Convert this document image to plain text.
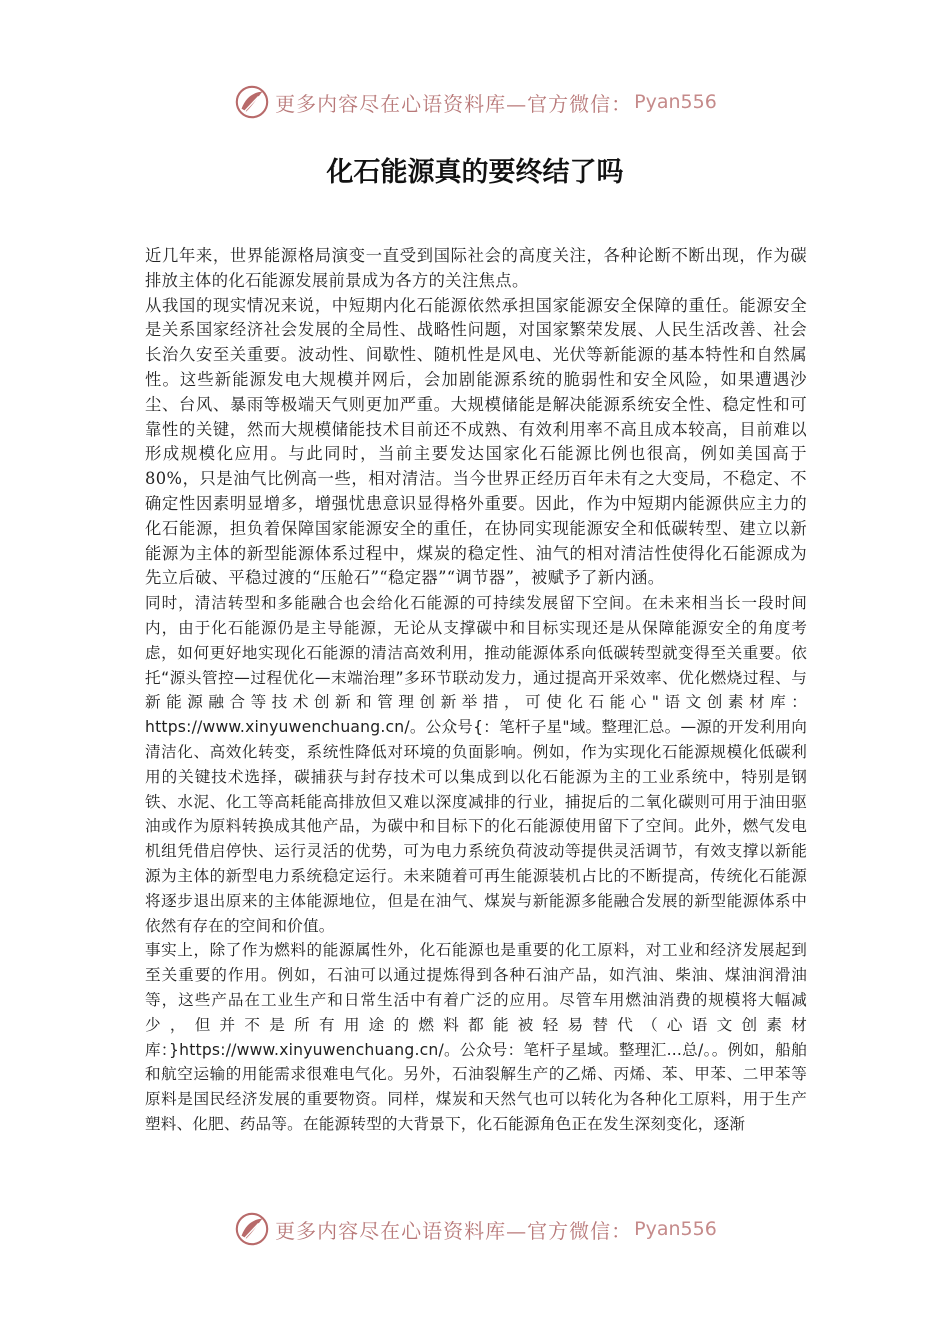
更多内容尽在心语资料库—官方微信： Pyan556
化石能源真的要终结了吗

近几年来，世界能源格局演变一直受到国际社会的高度关注，各种论断不断出现，作为碳排放主体的化石能源发展前景成为各方的关注焦点。

从我国的现实情况来说，中短期内化石能源依然承担国家能源安全保障的重任。能源安全是关系国家经济社会发展的全局性、战略性问题，对国家繁荣发展、人民生活改善、社会长治久安至关重要。波动性、间歇性、随机性是风电、光伏等新能源的基本特性和自然属性。这些新能源发电大规模并网后，会加剧能源系统的脆弱性和安全风险，如果遭遇沙尘、台风、暴雨等极端天气则更加严重。大规模储能是解决能源系统安全性、稳定性和可靠性的关键，然而大规模储能技术目前还不成熟、有效利用率不高且成本较高，目前难以形成规模化应用。与此同时，当前主要发达国家化石能源比例也很高，例如美国高于 80%，只是油气比例高一些，相对清洁。当今世界正经历百年未有之大变局，不稳定、不确定性因素明显增多，增强忧患意识显得格外重要。因此，作为中短期内能源供应主力的化石能源，担负着保障国家能源安全的重任，在协同实现能源安全和低碳转型、建立以新能源为主体的新型能源体系过程中，煤炭的稳定性、油气的相对清洁性使得化石能源成为先立后破、平稳过渡的“压舱石”“稳定器”“调节器”，被赋予了新内涵。

同时，清洁转型和多能融合也会给化石能源的可持续发展留下空间。在未来相当长一段时间内，由于化石能源仍是主导能源，无论从支撑碳中和目标实现还是从保障能源安全的角度考虑，如何更好地实现化石能源的清洁高效利用，推动能源体系向低碳转型就变得至关重要。依托“源头管控—过程优化—末端治理”多环节联动发力，通过提高开采效率、优化燃烧过程、与新能源融合等技术创新和管理创新举措，可使化石能心"语文创素材库：https://www.xinyuwenchuang.cn/。公众号{：笔杆子星"域。整理汇总。—源的开发利用向清洁化、高效化转变，系统性降低对环境的负面影响。例如，作为实现化石能源规模化低碳利用的关键技术选择，碳捕获与封存技术可以集成到以化石能源为主的工业系统中，特别是钢铁、水泥、化工等高耗能高排放但又难以深度减排的行业，捕捉后的二氧化碳则可用于油田驱油或作为原料转换成其他产品，为碳中和目标下的化石能源使用留下了空间。此外，燃气发电机组凭借启停快、运行灵活的优势，可为电力系统负荷波动等提供灵活调节，有效支撑以新能源为主体的新型电力系统稳定运行。未来随着可再生能源装机占比的不断提高，传统化石能源将逐步退出原来的主体能源地位，但是在油气、煤炭与新能源多能融合发展的新型能源体系中依然有存在的空间和价值。

事实上，除了作为燃料的能源属性外，化石能源也是重要的化工原料，对工业和经济发展起到至关重要的作用。例如，石油可以通过提炼得到各种石油产品，如汽油、柴油、煤油润滑油等，这些产品在工业生产和日常生活中有着广泛的应用。尽管车用燃油消费的规模将大幅减少，但并不是所有用途的燃料都能被轻易替代（心语文创素材库：}https://www.xinyuwenchuang.cn/。公众号：笔杆子星域。整理汇...总/。。例如，船舶和航空运输的用能需求很难电气化。另外，石油裂解生产的乙烯、丙烯、苯、甲苯、二甲苯等原料是国民经济发展的重要物资。同样，煤炭和天然气也可以转化为各种化工原料，用于生产塑料、化肥、药品等。在能源转型的大背景下，化石能源角色正在发生深刻变化，逐渐

更多内容尽在心语资料库—官方微信： Pyan556
